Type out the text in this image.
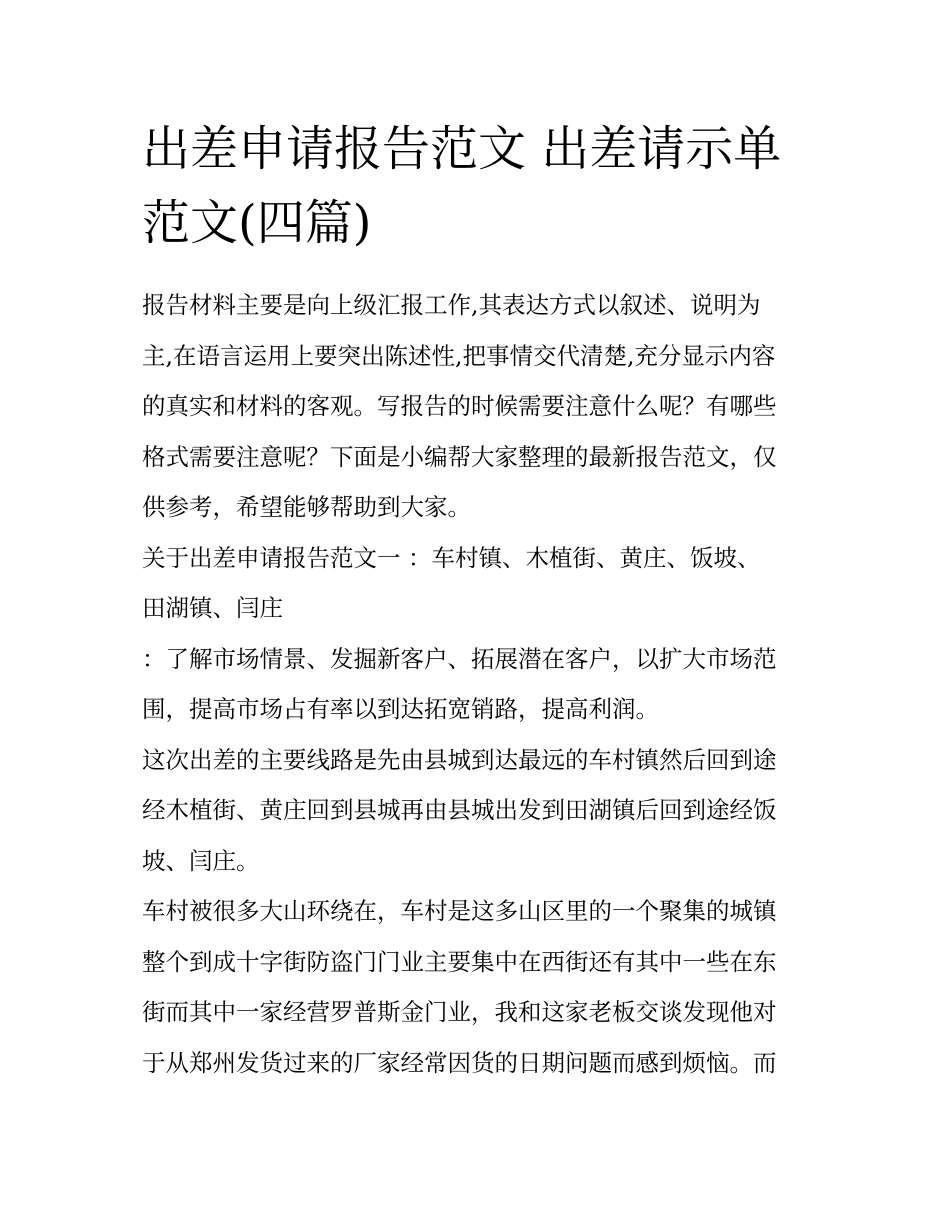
出差申请报告范文 出差请示单范文(四篇)

报告材料主要是向上级汇报工作,其表达方式以叙述、说明为
主,在语言运用上要突出陈述性,把事情交代清楚,充分显示内容
的真实和材料的客观。写报告的时候需要注意什么呢？有哪些
格式需要注意呢？下面是小编帮大家整理的最新报告范文，仅
供参考，希望能够帮助到大家。

关于出差申请报告范文一 ：车村镇、木植街、黄庄、饭坡、
田湖镇、闫庄

：了解市场情景、发掘新客户、拓展潜在客户，以扩大市场范
围，提高市场占有率以到达拓宽销路，提高利润。

这次出差的主要线路是先由县城到达最远的车村镇然后回到途
经木植街、黄庄回到县城再由县城出发到田湖镇后回到途经饭
坡、闫庄。

车村被很多大山环绕在，车村是这多山区里的一个聚集的城镇
整个到成十字街防盗门门业主要集中在西街还有其中一些在东
街而其中一家经营罗普斯金门业，我和这家老板交谈发现他对
于从郑州发货过来的厂家经常因货的日期问题而感到烦恼。而
